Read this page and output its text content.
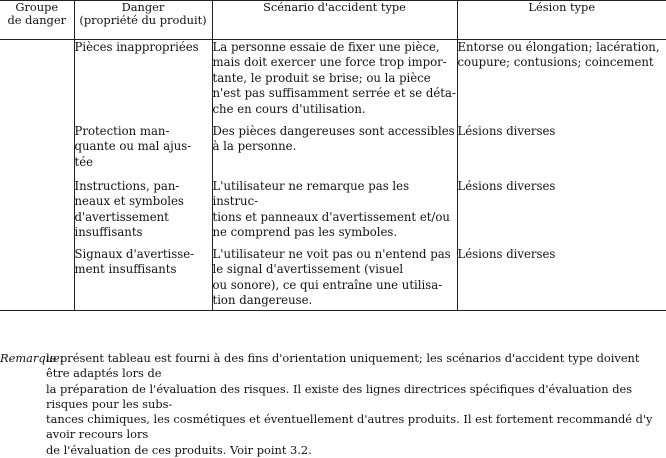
Groupe
de danger	Danger
(propriété du produit)	Scénario d'accident type	Lésion type

	Pièces inappropriées	La personne essaie de fixer une pièce,
mais doit exercer une force trop impor-
tante, le produit se brise; ou la pièce
n'est pas suffisamment serrée et se déta-
che en cours d'utilisation.	Entorse ou élongation; lacération,
coupure; contusions; coincement

	Protection man-
quante ou mal ajus-
tée	Des pièces dangereuses sont accessibles
à la personne.	Lésions diverses

	Instructions, pan-
neaux et symboles
d'avertissement
insuffisants	L'utilisateur ne remarque pas les instruc-
tions et panneaux d'avertissement et/ou
ne comprend pas les symboles.	Lésions diverses

	Signaux d'avertisse-
ment insuffisants	L'utilisateur ne voit pas ou n'entend pas
le signal d'avertissement (visuel
ou sonore), ce qui entraîne une utilisa-
tion dangereuse.	Lésions diverses
Remarque:
le présent tableau est fourni à des fins d'orientation uniquement; les scénarios d'accident type doivent être adaptés lors de
la préparation de l'évaluation des risques. Il existe des lignes directrices spécifiques d'évaluation des risques pour les subs-
tances chimiques, les cosmétiques et éventuellement d'autres produits. Il est fortement recommandé d'y avoir recours lors
de l'évaluation de ces produits. Voir point 3.2.
